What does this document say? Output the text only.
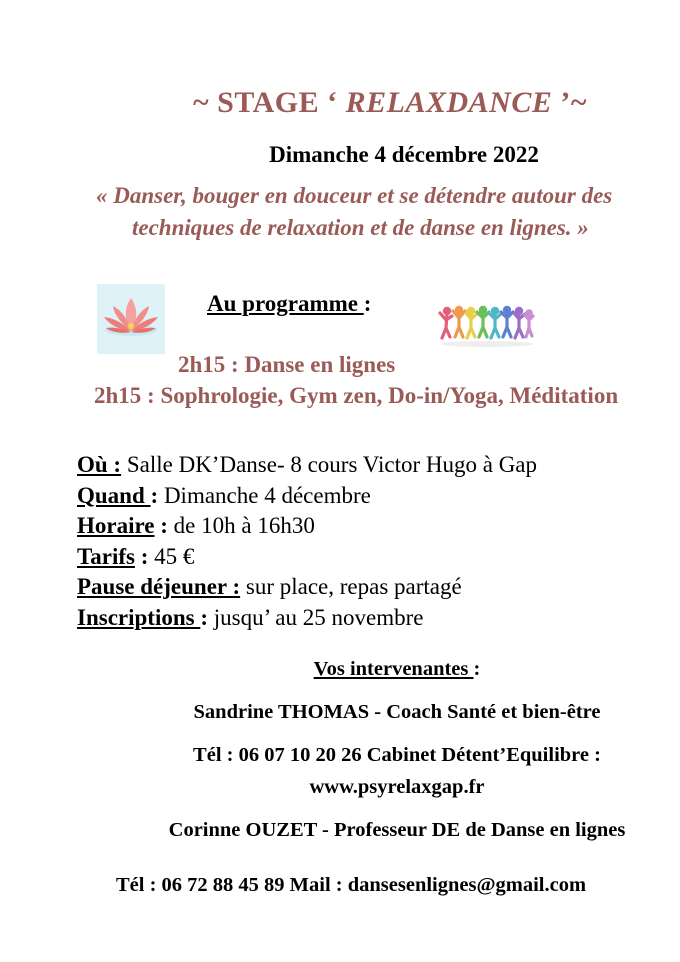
~ STAGE ‘ RELAXDANCE ’~
Dimanche 4 décembre 2022
« Danser, bouger en douceur et se détendre autour des
techniques de relaxation et de danse en lignes. »
Au programme :
2h15 : Danse en lignes
2h15 : Sophrologie, Gym zen, Do-in/Yoga, Méditation
Où : Salle DK’Danse- 8 cours Victor Hugo à Gap
Quand : Dimanche 4 décembre
Horaire : de 10h à 16h30
Tarifs : 45 €
Pause déjeuner : sur place, repas partagé
Inscriptions : jusqu’ au 25 novembre
Vos intervenantes :
Sandrine THOMAS - Coach Santé et bien-être
Tél : 06 07 10 20 26 Cabinet Détent’Equilibre :
www.psyrelaxgap.fr
Corinne OUZET - Professeur DE de Danse en lignes
Tél : 06 72 88 45 89 Mail : dansesenlignes@gmail.com
